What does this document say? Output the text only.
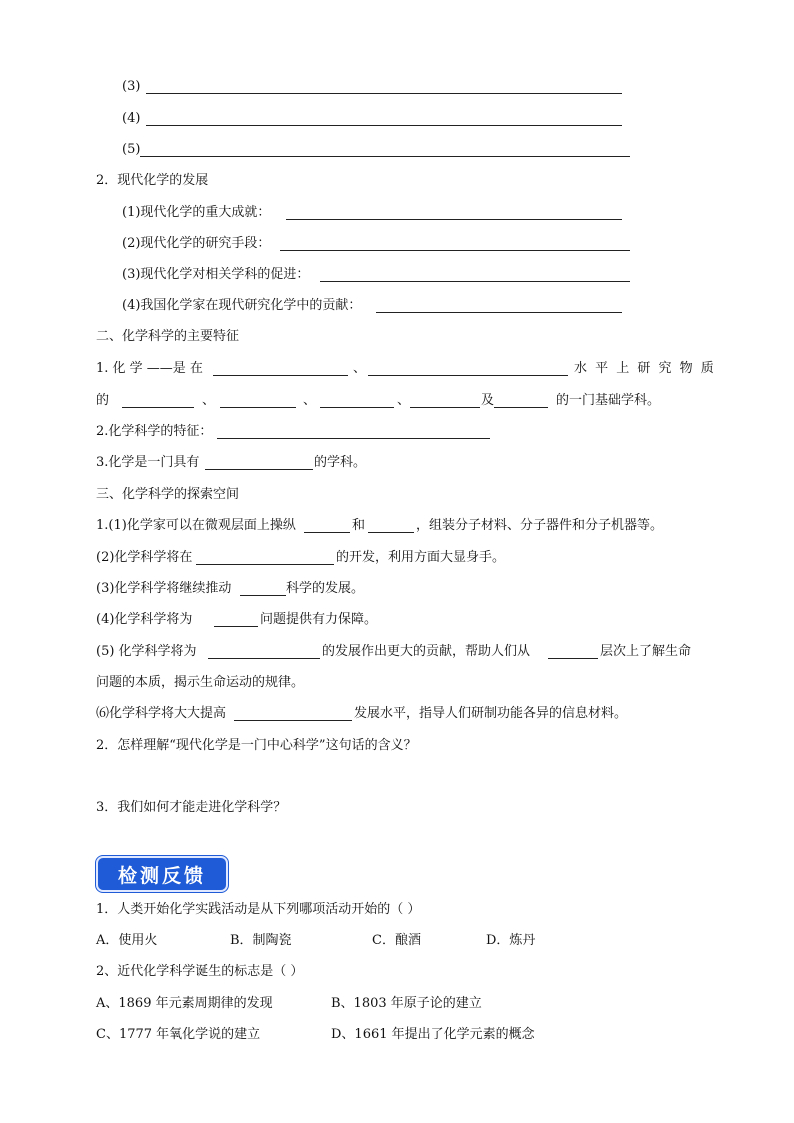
(3)
(4)
(5)
2．现代化学的发展
(1)现代化学的重大成就：
(2)现代化学的研究手段：
(3)现代化学对相关学科的促进：
(4)我国化学家在现代研究化学中的贡献：
二、化学科学的主要特征
1. 化 学 ——是 在	、	水 平 上 研 究 物 质
的	、	、	、	及	的一门基础学科。
2.化学科学的特征：
3.化学是一门具有	的学科。
三、化学科学的探索空间
1.(1)化学家可以在微观层面上操纵	和	，组装分子材料、分子器件和分子机器等。
(2)化学科学将在	的开发，利用方面大显身手。
(3)化学科学将继续推动	科学的发展。
(4)化学科学将为	问题提供有力保障。
(5) 化学科学将为	的发展作出更大的贡献，帮助人们从	层次上了解生命
问题的本质，揭示生命运动的规律。
⑹化学科学将大大提高	发展水平，指导人们研制功能各异的信息材料。
2．怎样理解“现代化学是一门中心科学”这句话的含义？
3．我们如何才能走进化学科学？
检测反馈
1．人类开始化学实践活动是从下列哪项活动开始的（ ）
A．使用火	B．制陶瓷	C．酿酒	D．炼丹
2、近代化学科学诞生的标志是（ ）
A、1869 年元素周期律的发现	B、1803 年原子论的建立
C、1777 年氧化学说的建立	D、1661 年提出了化学元素的概念
